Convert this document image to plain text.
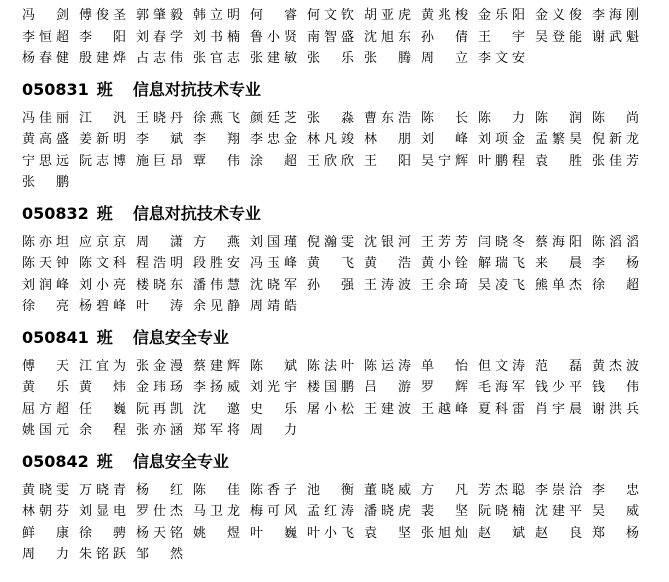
冯　剑 傅俊圣 郭肇毅 韩立明 何　睿 何文钦 胡亚虎 黄兆梭 金乐阳 金义俊 李海刚
李恒超 李　阳 刘春学 刘书楠 鲁小贤 南智盛 沈旭东 孙　倩 王　宇 吴登能 谢武魁
杨春健 殷建烨 占志伟 张官志 张建敏 张　乐 张　腾 周　立 李文安
050831 班 信息对抗技术专业
冯佳丽 江　汎 王晓丹 徐燕飞 颜廷芝 张　淼 曹东浩 陈　长 陈　力 陈　润 陈　尚
黄高盛 姜新明 李　斌 李　翔 李忠金 林凡竣 林　朋 刘　峰 刘项金 孟繁昊 倪新龙
宁思远 阮志博 施巨昂 覃　伟 涂　超 王欣欣 王　阳 吴宁辉 叶鹏程 袁　胜 张佳芳
张　鹏
050832 班 信息对抗技术专业
陈亦坦 应京京 周　潇 方　燕 刘国瑾 倪瀚雯 沈银河 王芳芳 闫晓冬 蔡海阳 陈滔滔
陈天钟 陈文科 程浩明 段胜安 冯玉峰 黄　飞 黄　浩 黄小铨 解瑞飞 来　晨 李　杨
刘润峰 刘小亮 楼晓东 潘伟慧 沈晓军 孙　强 王涛波 王余琦 吴凌飞 熊单杰 徐　超
徐　亮 杨碧峰 叶　涛 余见静 周靖皓
050841 班 信息安全专业
傅　天 江宜为 张金漫 蔡建辉 陈　斌 陈法叶 陈运涛 单　怡 但文涛 范　磊 黄杰波
黄　乐 黄　炜 金玮玚 李扬威 刘光宇 楼国鹏 吕　游 罗　辉 毛海军 钱少平 钱　伟
屈方超 任　巍 阮再凯 沈　邀 史　乐 屠小松 王建波 王越峰 夏科雷 肖宇晨 谢洪兵
姚国元 余　程 张亦涵 郑军将 周　力
050842 班 信息安全专业
黄晓雯 万晓青 杨　红 陈　佳 陈香子 池　衡 董晓威 方　凡 芳杰聪 李崇洽 李　忠
林朝芬 刘显电 罗仕杰 马卫龙 梅可风 孟红涛 潘晓虎 裴　坚 阮晓楠 沈建平 吴　威
鲜　康 徐　骋 杨天铭 姚　煜 叶　巍 叶小飞 袁　坚 张旭灿 赵　斌 赵　良 郑　杨
周　力 朱铭跃 邹　然
